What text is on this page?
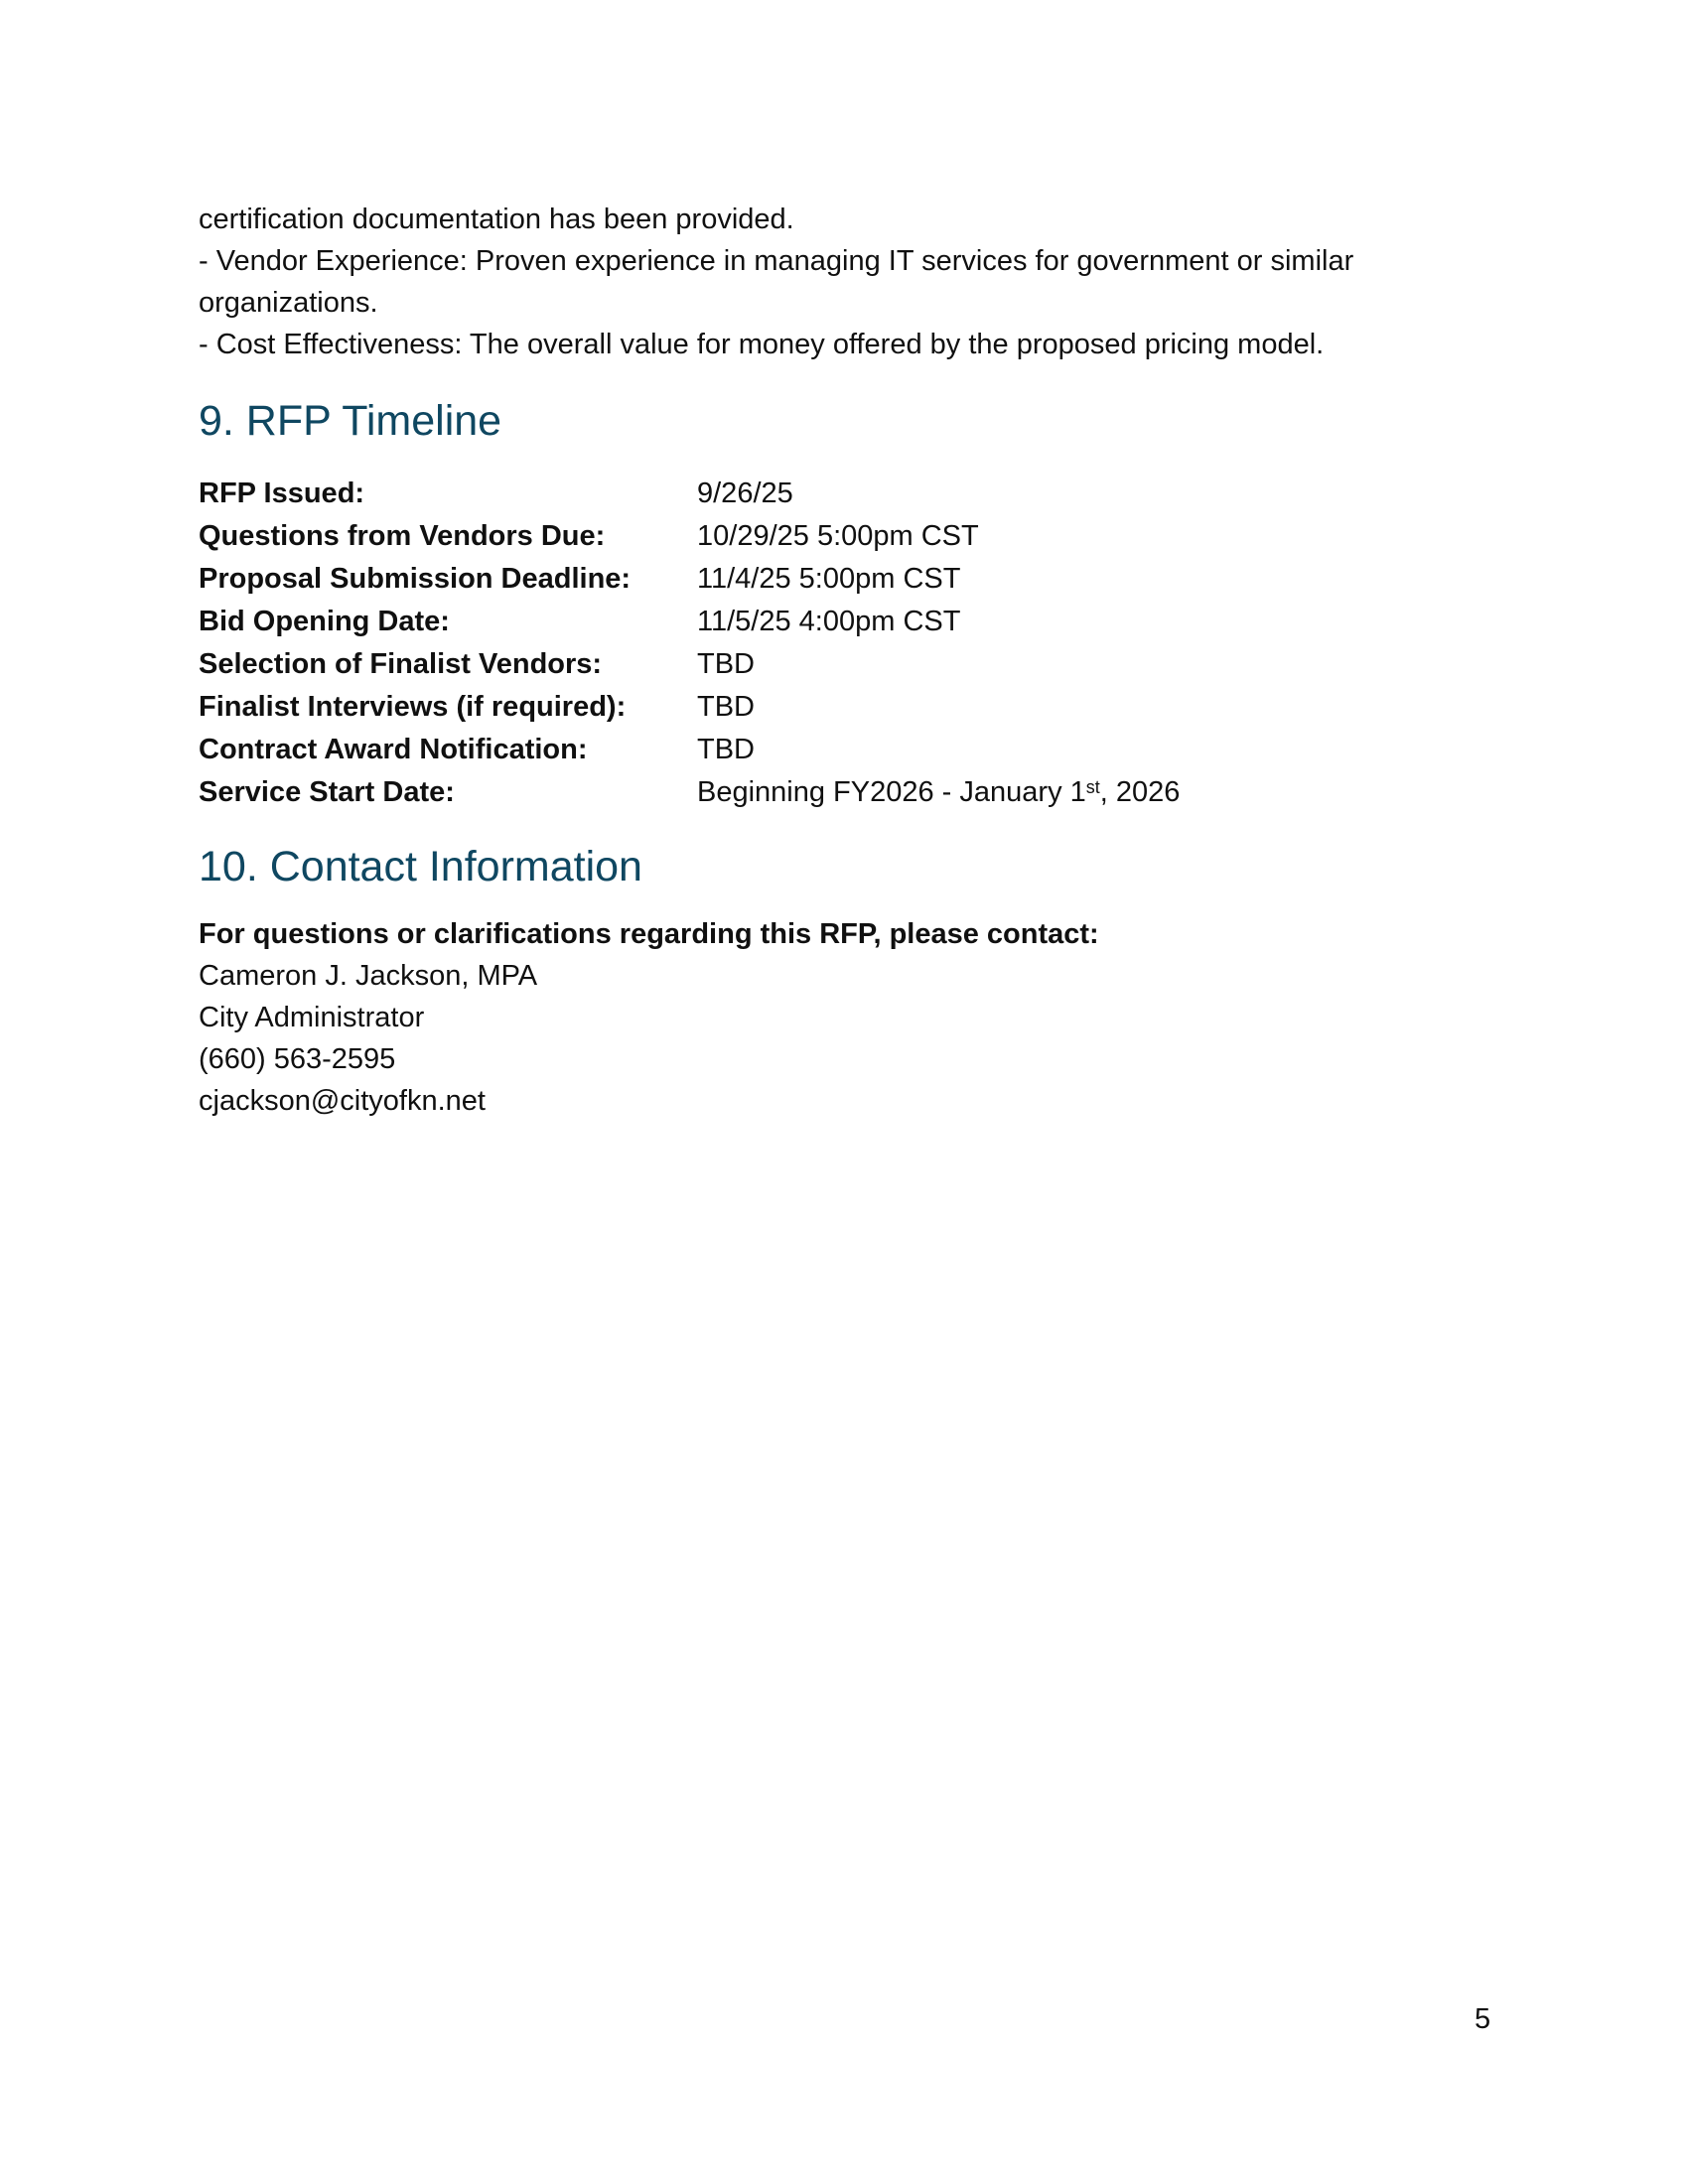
certification documentation has been provided.
- Vendor Experience: Proven experience in managing IT services for government or similar
organizations.
- Cost Effectiveness: The overall value for money offered by the proposed pricing model.
9. RFP Timeline
RFP Issued:	9/26/25
Questions from Vendors Due:	10/29/25 5:00pm CST
Proposal Submission Deadline: 11/4/25 5:00pm CST
Bid Opening Date:	11/5/25 4:00pm CST
Selection of Finalist Vendors:	TBD
Finalist Interviews (if required): TBD
Contract Award Notification:	TBD
Service Start Date:	Beginning FY2026 - January 1st, 2026
10. Contact Information
For questions or clarifications regarding this RFP, please contact:
Cameron J. Jackson, MPA
City Administrator
(660) 563-2595
cjackson@cityofkn.net
5
